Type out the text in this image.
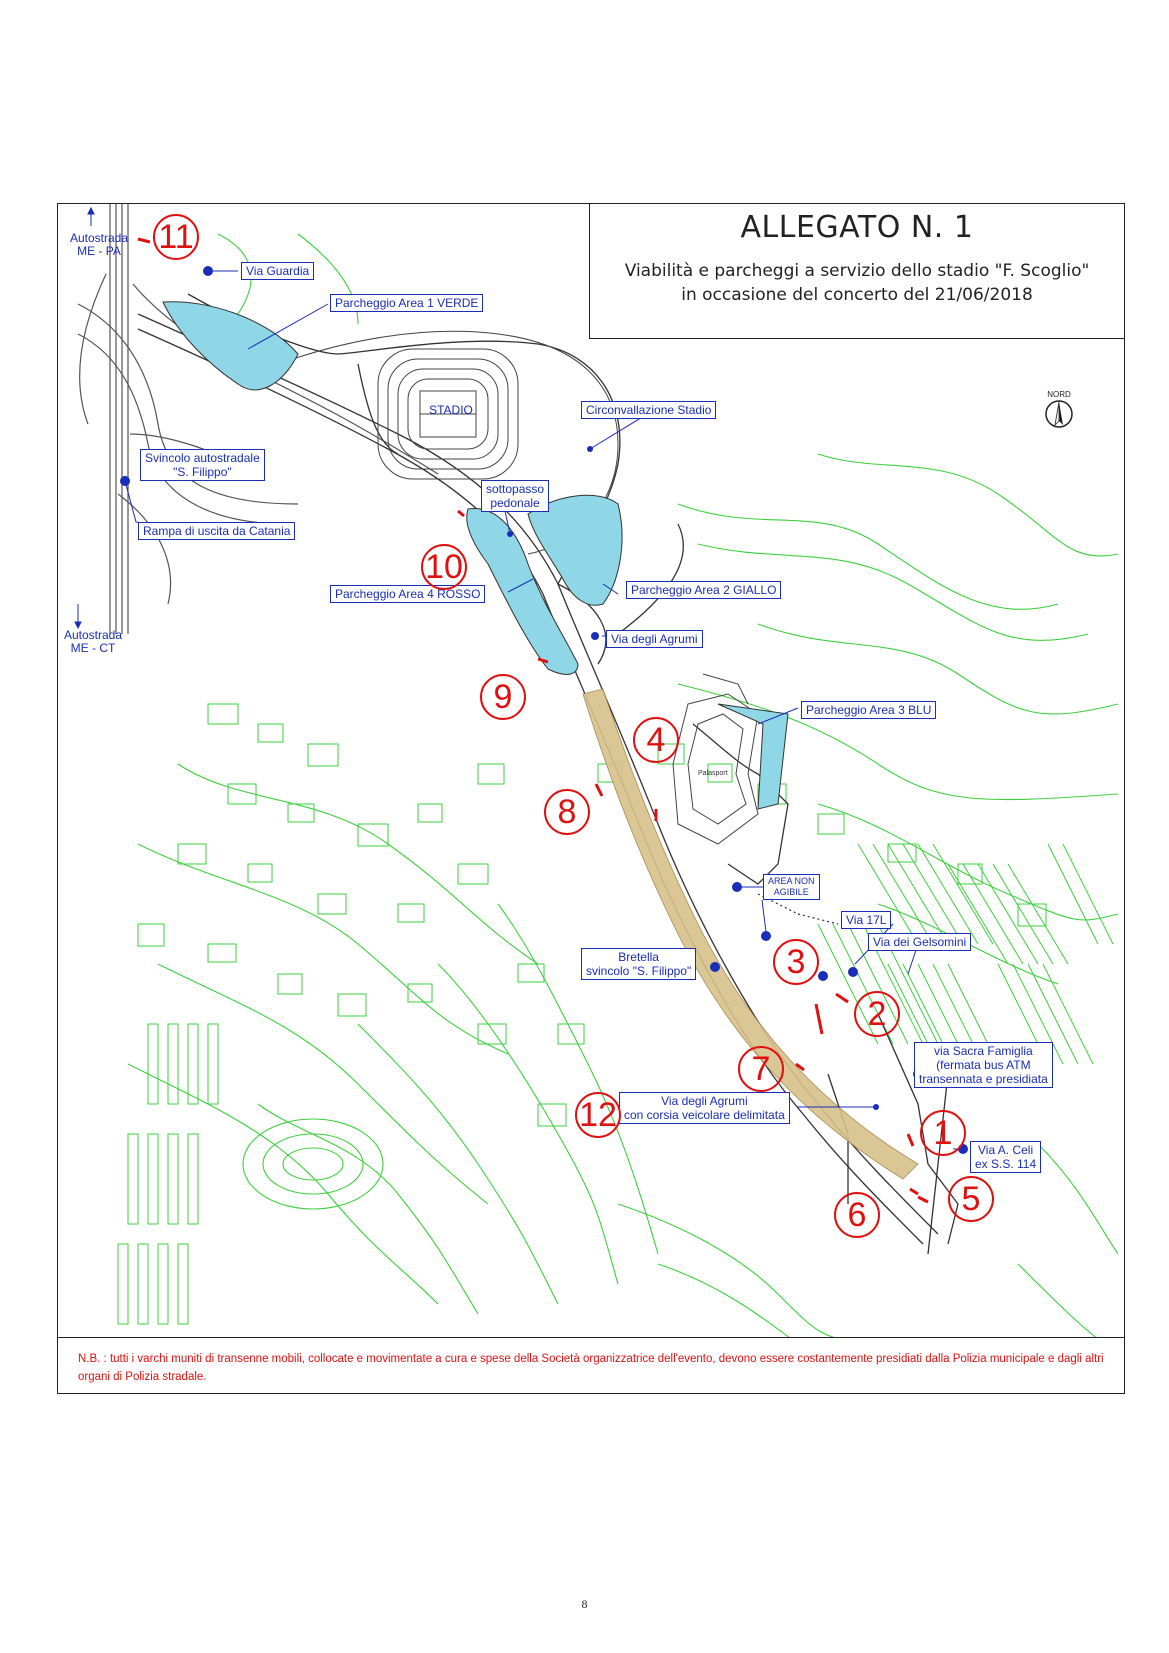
ALLEGATO N. 1
Viabilità e parcheggi a servizio dello stadio "F. Scoglio"
in occasione del concerto del 21/06/2018
NORD
Autostrada ME - PA
Autostrada ME - CT
STADIO
Palasport
Via Guardia
Parcheggio Area 1 VERDE
Circonvallazione Stadio
Svincolo autostradale
"S. Filippo"
Rampa di uscita da Catania
sottopasso
pedonale
Parcheggio Area 4 ROSSO	Parcheggio Area 2 GIALLO
Via degli Agrumi
Parcheggio Area 3 BLU
AREA NON
AGIBILE
Via 17L
Via dei Gelsomini
Bretella
svincolo "S. Filippo"
via Sacra Famiglia
(fermata bus ATM
transennata e presidiata
Via degli Agrumi
con corsia veicolare delimitata
Via A. Celi
ex S.S. 114
11
10
9
4
8
3
2
7
12	1
5
6
N.B. : tutti i varchi muniti di transenne mobili, collocate e movimentate a cura e spese della Società organizzatrice dell'evento, devono essere costantemente presidiati dalla Polizia municipale e dagli altri organi di Polizia stradale.
8
